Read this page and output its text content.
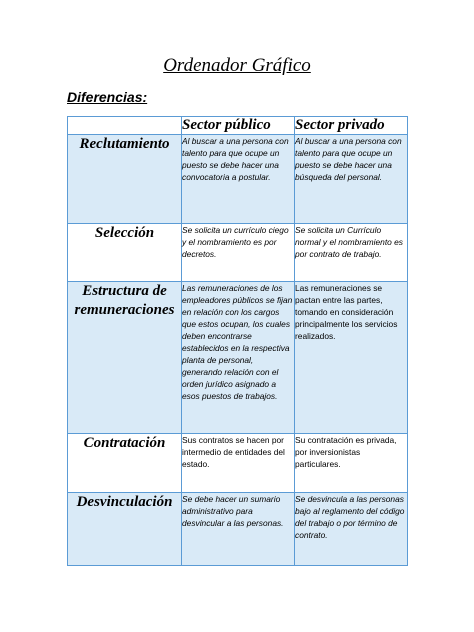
Ordenador Gráfico
Diferencias:
	Sector público	Sector privado
Reclutamiento	Al buscar a una persona con talento para que ocupe un puesto se debe hacer una convocatoria a postular.	Al buscar a una persona con talento para que ocupe un puesto se debe hacer una búsqueda del personal.
Selección	Se solicita un currículo ciego y el nombramiento es por decretos.	Se solicita un Currículo normal y el nombramiento es por contrato de trabajo.
Estructura de remuneraciones	Las remuneraciones de los empleadores públicos se fijan en relación con los cargos que estos ocupan, los cuales deben encontrarse establecidos en la respectiva planta de personal, generando relación con el orden jurídico asignado a esos puestos de trabajos.	Las remuneraciones se pactan entre las partes, tomando en consideración principalmente los servicios realizados.
Contratación	Sus contratos se hacen por intermedio de entidades del estado.	Su contratación es privada, por inversionistas particulares.
Desvinculación	Se debe hacer un sumario administrativo para desvincular a las personas.	Se desvincula a las personas bajo al reglamento del código del trabajo o por término de contrato.
